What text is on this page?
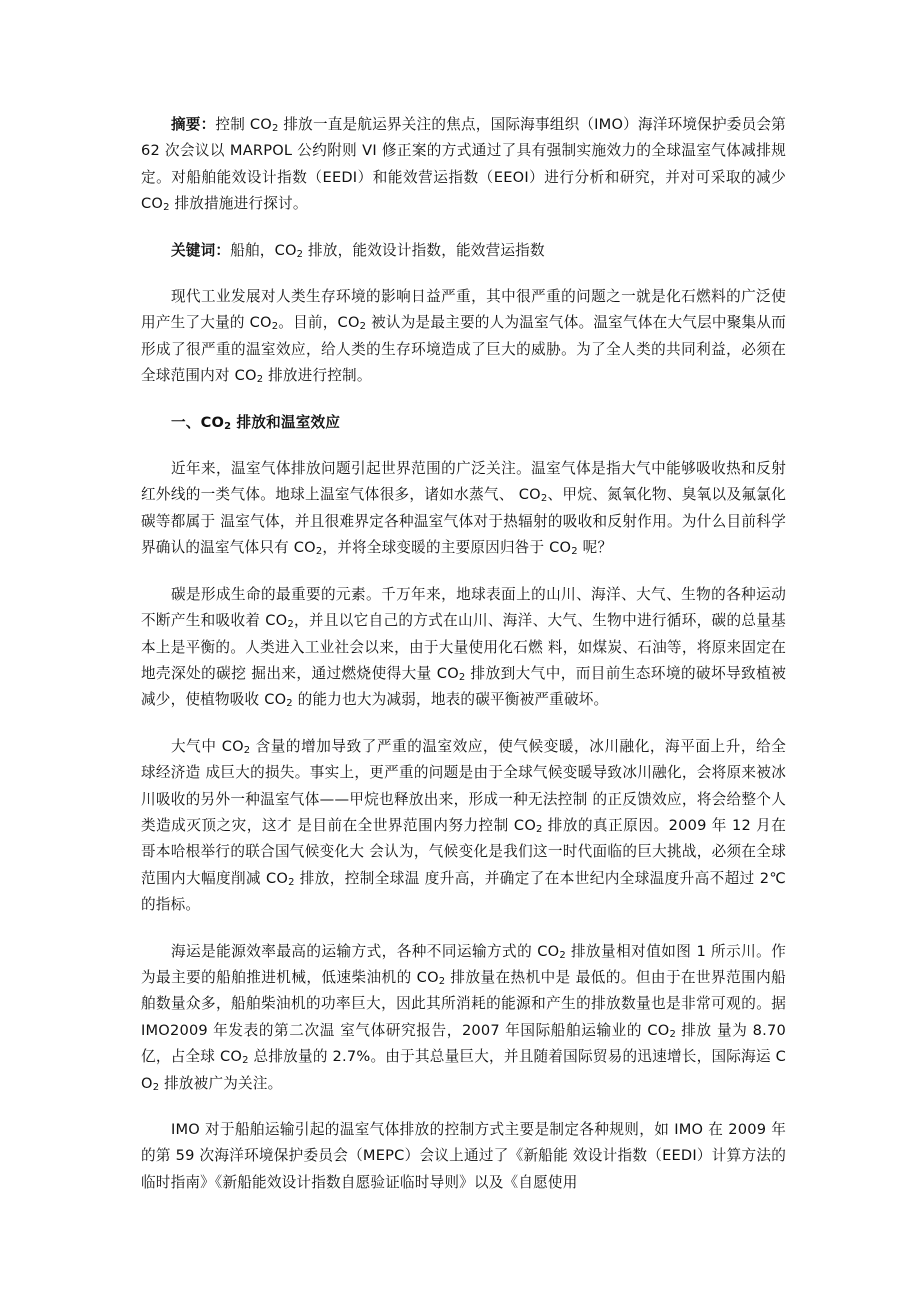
摘要：控制 $CO_2$ 排放一直是航运界关注的焦点，国际海事组织（IMO）海洋环境保护委员会第 62 次会议以 MARPOL 公约附则 VI 修正案的方式通过了具有强制实施效力的全球温室气体减排规定。对船舶能效设计指数（EEDI）和能效营运指数（EEOI）进行分析和研究，并对可采取的减少 $CO_2$ 排放措施进行探讨。

关键词：船舶，$CO_2$ 排放，能效设计指数，能效营运指数

现代工业发展对人类生存环境的影响日益严重，其中很严重的问题之一就是化石燃料的广泛使用产生了大量的 $CO_2$。目前，$CO_2$ 被认为是最主要的人为温室气体。温室气体在大气层中聚集从而形成了很严重的温室效应，给人类的生存环境造成了巨大的威胁。为了全人类的共同利益，必须在全球范围内对 $CO_2$ 排放进行控制。

一、$CO_2$ 排放和温室效应

近年来，温室气体排放问题引起世界范围的广泛关注。温室气体是指大气中能够吸收热和反射红外线的一类气体。地球上温室气体很多，诸如水蒸气、 $CO_2$、甲烷、氮氧化物、臭氧以及氟氯化碳等都属于 温室气体，并且很难界定各种温室气体对于热辐射的吸收和反射作用。为什么目前科学界确认的温室气体只有 $CO_2$，并将全球变暖的主要原因归咎于 $CO_2$ 呢？

碳是形成生命的最重要的元素。千万年来，地球表面上的山川、海洋、大气、生物的各种运动不断产生和吸收着 $CO_2$，并且以它自己的方式在山川、海洋、大气、生物中进行循环，碳的总量基本上是平衡的。人类进入工业社会以来，由于大量使用化石燃 料，如煤炭、石油等，将原来固定在地壳深处的碳挖 掘出来，通过燃烧使得大量 $CO_2$ 排放到大气中，而目前生态环境的破坏导致植被减少，使植物吸收 $CO_2$ 的能力也大为减弱，地表的碳平衡被严重破坏。

大气中 $CO_2$ 含量的增加导致了严重的温室效应，使气候变暖，冰川融化，海平面上升，给全球经济造 成巨大的损失。事实上，更严重的问题是由于全球气候变暖导致冰川融化，会将原来被冰川吸收的另外一种温室气体——甲烷也释放出来，形成一种无法控制 的正反馈效应，将会给整个人类造成灭顶之灾，这才 是目前在全世界范围内努力控制 $CO_2$ 排放的真正原因。2009 年 12 月在哥本哈根举行的联合国气候变化大 会认为，气候变化是我们这一时代面临的巨大挑战，必须在全球范围内大幅度削减 $CO_2$ 排放，控制全球温 度升高，并确定了在本世纪内全球温度升高不超过 2℃的指标。

海运是能源效率最高的运输方式，各种不同运输方式的 $CO_2$ 排放量相对值如图 1 所示川。作为最主要的船舶推进机械，低速柴油机的 $CO_2$ 排放量在热机中是 最低的。但由于在世界范围内船舶数量众多，船舶柴油机的功率巨大，因此其所消耗的能源和产生的排放数量也是非常可观的。据 IMO2009 年发表的第二次温 室气体研究报告，2007 年国际船舶运输业的 $CO_2$ 排放 量为 8.70 亿，占全球 $CO_2$ 总排放量的 2.7%。由于其总量巨大，并且随着国际贸易的迅速增长，国际海运 $CO_2$ 排放被广为关注。

IMO 对于船舶运输引起的温室气体排放的控制方式主要是制定各种规则，如 IMO 在 2009 年的第 59 次海洋环境保护委员会（MEPC）会议上通过了《新船能 效设计指数（EEDI）计算方法的临时指南》《新船能效设计指数自愿验证临时导则》以及《自愿使用
